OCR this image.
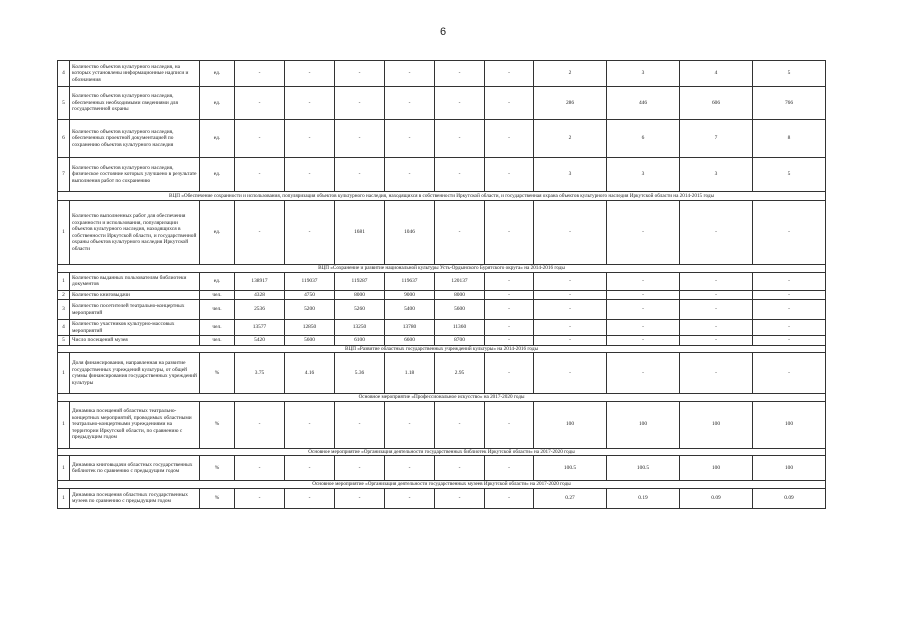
6
4	Количество объектов культурного наследия, на которых установлены информационные надписи и обозначения	ед.	-	-	-	-	-	-	2	3	4	5
5	Количество объектов культурного наследия, обеспеченных необходимыми сведениями для государственной охраны	ед.	-	-	-	-	-	-	286	446	606	766
6	Количество объектов культурного наследия, обеспеченных проектной документацией по сохранению объектов культурного наследия	ед.	-	-	-	-	-	-	2	6	7	8
7	Количество объектов культурного наследия, физическое состояние которых улучшено в результате выполнения работ по сохранению	ед.	-	-	-	-	-	-	3	3	3	5
ВЦП «Обеспечение сохранности и использования, популяризация объектов культурного наследия, находящихся в собственности Иркутской области, и государственная охрана объектов культурного наследия Иркутской области на 2014-2015 годы												
1	Количество выполненных работ для обеспечения сохранности и использования, популяризации объектов культурного наследия, находящихся в собственности Иркутской области, и государственной охраны объектов культурного наследия Иркутской области	ед.	-	-	1681	1046	-	-	-	-	-	-
ВЦП «Сохранение и развитие национальной культуры Усть-Ордынского Бурятского округа» на 2014-2016 годы												
1	Количество выданных пользователям библиотеки документов	ед.	138917	119037	119287	119637	120137	-	-	-	-	-
2	Количество книговыдачи	чел.	4328	4750	8000	9000	8000	-	-	-	-	-
3	Количество посетителей театрально-концертных мероприятий	чел.	2536	5200	5260	5400	5600	-	-	-	-	-
4	Количество участников культурно-массовых мероприятий	чел.	13577	12850	13250	13780	11360	-	-	-	-	-
5	Число посещений музея	чел.	5420	5600	6100	6600	8700	-	-	-	-	-
ВЦП «Развитие областных государственных учреждений культуры» на 2014-2016 годы												
1	Доля финансирования, направленная на развитие государственных учреждений культуры, от общей суммы финансирования государственных учреждений культуры	%	3.75	4.16	5.36	1.18	2.95	-	-	-	-	-
Основное мероприятие «Профессиональное искусство» на 2017-2020 годы												
1	Динамика посещений областных театрально-концертных мероприятий, проводимых областными театрально-концертными учреждениями на территории Иркутской области, по сравнению с предыдущим годом	%	-	-	-	-	-	-	100	100	100	100
Основное мероприятие «Организация деятельности государственных библиотек Иркутской области» на 2017-2020 годы												
1	Динамика книговыдачи областных государственных библиотек по сравнению с предыдущим годом	%	-	-	-	-	-	-	100.5	100.5	100	100
Основное мероприятие «Организация деятельности государственных музеев Иркутской области» на 2017-2020 годы												
1	Динамика посещения областных государственных музеев по сравнению с предыдущим годом	%	-	-	-	-	-	-	0.27	0.19	0.09	0.09
